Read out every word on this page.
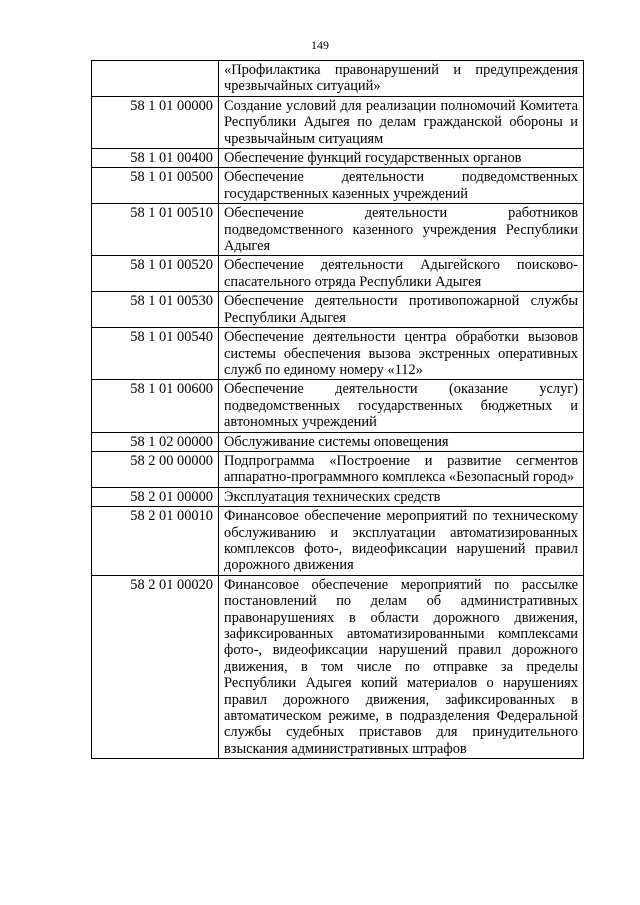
149
	«Профилактика правонарушений и предупреждения чрезвычайных ситуаций»
58 1 01 00000	Создание условий для реализации полномочий Комитета Республики Адыгея по делам гражданской обороны и чрезвычайным ситуациям
58 1 01 00400	Обеспечение функций государственных органов
58 1 01 00500	Обеспечение деятельности подведомственных государственных казенных учреждений
58 1 01 00510	Обеспечение деятельности работников подведомственного казенного учреждения Республики Адыгея
58 1 01 00520	Обеспечение деятельности Адыгейского поисково-спасательного отряда Республики Адыгея
58 1 01 00530	Обеспечение деятельности противопожарной службы Республики Адыгея
58 1 01 00540	Обеспечение деятельности центра обработки вызовов системы обеспечения вызова экстренных оперативных служб по единому номеру «112»
58 1 01 00600	Обеспечение деятельности (оказание услуг) подведомственных государственных бюджетных и автономных учреждений
58 1 02 00000	Обслуживание системы оповещения
58 2 00 00000	Подпрограмма «Построение и развитие сегментов аппаратно-программного комплекса «Безопасный город»
58 2 01 00000	Эксплуатация технических средств
58 2 01 00010	Финансовое обеспечение мероприятий по техническому обслуживанию и эксплуатации автоматизированных комплексов фото-, видеофиксации нарушений правил дорожного движения
58 2 01 00020	Финансовое обеспечение мероприятий по рассылке постановлений по делам об административных правонарушениях в области дорожного движения, зафиксированных автоматизированными комплексами фото-, видеофиксации нарушений правил дорожного движения, в том числе по отправке за пределы Республики Адыгея копий материалов о нарушениях правил дорожного движения, зафиксированных в автоматическом режиме, в подразделения Федеральной службы судебных приставов для принудительного взыскания административных штрафов
